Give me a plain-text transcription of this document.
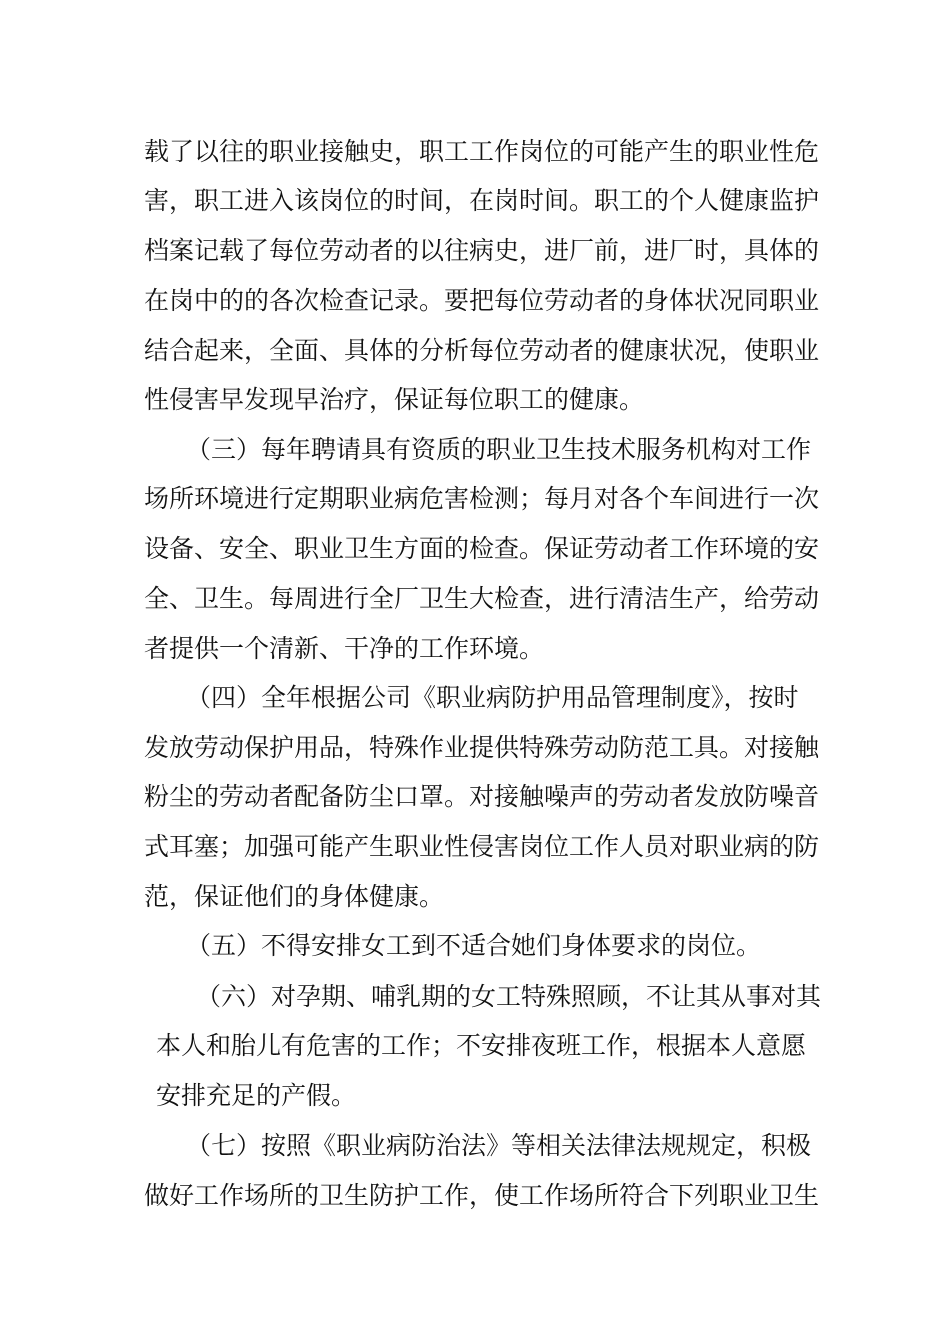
载了以往的职业接触史，职工工作岗位的可能产生的职业性危
害，职工进入该岗位的时间，在岗时间。职工的个人健康监护
档案记载了每位劳动者的以往病史，进厂前，进厂时，具体的
在岗中的的各次检查记录。要把每位劳动者的身体状况同职业
结合起来，全面、具体的分析每位劳动者的健康状况，使职业
性侵害早发现早治疗，保证每位职工的健康。
（三）每年聘请具有资质的职业卫生技术服务机构对工作
场所环境进行定期职业病危害检测；每月对各个车间进行一次
设备、安全、职业卫生方面的检查。保证劳动者工作环境的安
全、卫生。每周进行全厂卫生大检查，进行清洁生产，给劳动
者提供一个清新、干净的工作环境。
（四）全年根据公司《职业病防护用品管理制度》，按时
发放劳动保护用品，特殊作业提供特殊劳动防范工具。对接触
粉尘的劳动者配备防尘口罩。对接触噪声的劳动者发放防噪音
式耳塞；加强可能产生职业性侵害岗位工作人员对职业病的防
范，保证他们的身体健康。
（五）不得安排女工到不适合她们身体要求的岗位。
（六）对孕期、哺乳期的女工特殊照顾，不让其从事对其
本人和胎儿有危害的工作；不安排夜班工作，根据本人意愿
安排充足的产假。
（七）按照《职业病防治法》等相关法律法规规定，积极
做好工作场所的卫生防护工作，使工作场所符合下列职业卫生
